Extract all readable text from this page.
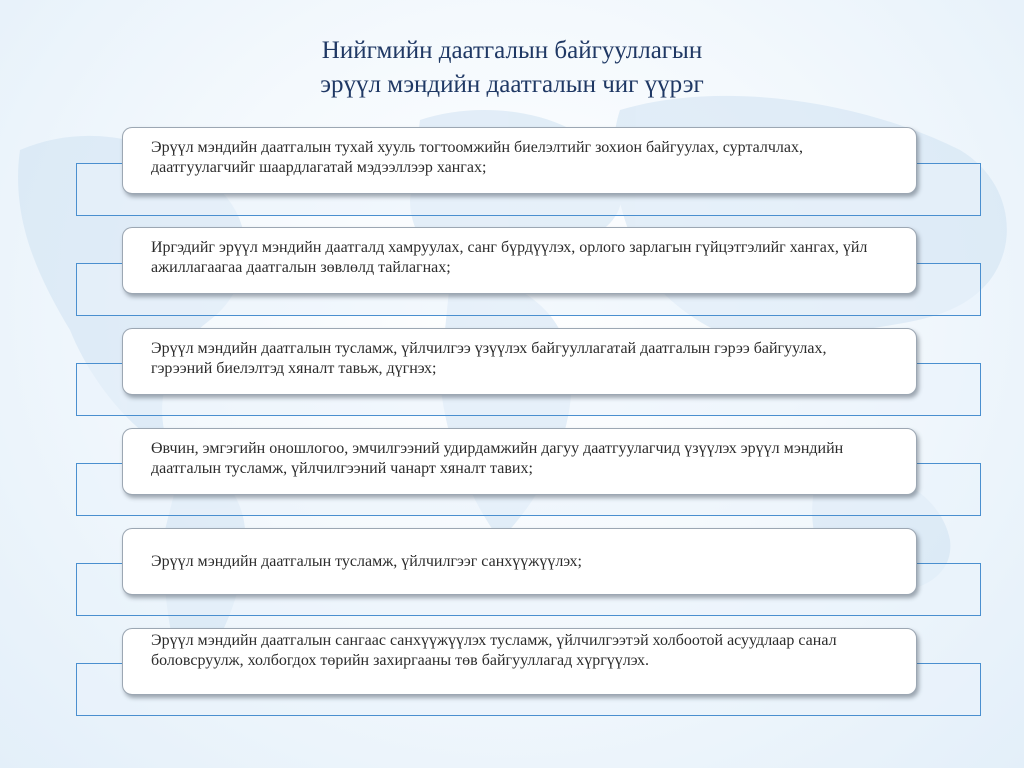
Нийгмийн даатгалын байгууллагын
эрүүл мэндийн даатгалын чиг үүрэг
Эрүүл мэндийн даатгалын тухай хууль тогтоомжийн биелэлтийг зохион байгуулах, сурталчлах, даатгуулагчийг шаардлагатай мэдээллээр хангах;
Иргэдийг эрүүл мэндийн даатгалд хамруулах, санг бүрдүүлэх, орлого зарлагын гүйцэтгэлийг хангах, үйл ажиллагаагаа даатгалын зөвлөлд тайлагнах;
Эрүүл мэндийн даатгалын тусламж, үйлчилгээ үзүүлэх байгууллагатай даатгалын гэрээ байгуулах, гэрээний биелэлтэд хяналт тавьж, дүгнэх;
Өвчин, эмгэгийн оношлогоо, эмчилгээний удирдамжийн дагуу даатгуулагчид үзүүлэх эрүүл мэндийн даатгалын тусламж, үйлчилгээний чанарт хяналт тавих;
Эрүүл мэндийн даатгалын тусламж, үйлчилгээг санхүүжүүлэх;
Эрүүл мэндийн даатгалын сангаас санхүүжүүлэх тусламж, үйлчилгээтэй холбоотой асуудлаар санал боловсруулж, холбогдох төрийн захиргааны төв байгууллагад хүргүүлэх.
